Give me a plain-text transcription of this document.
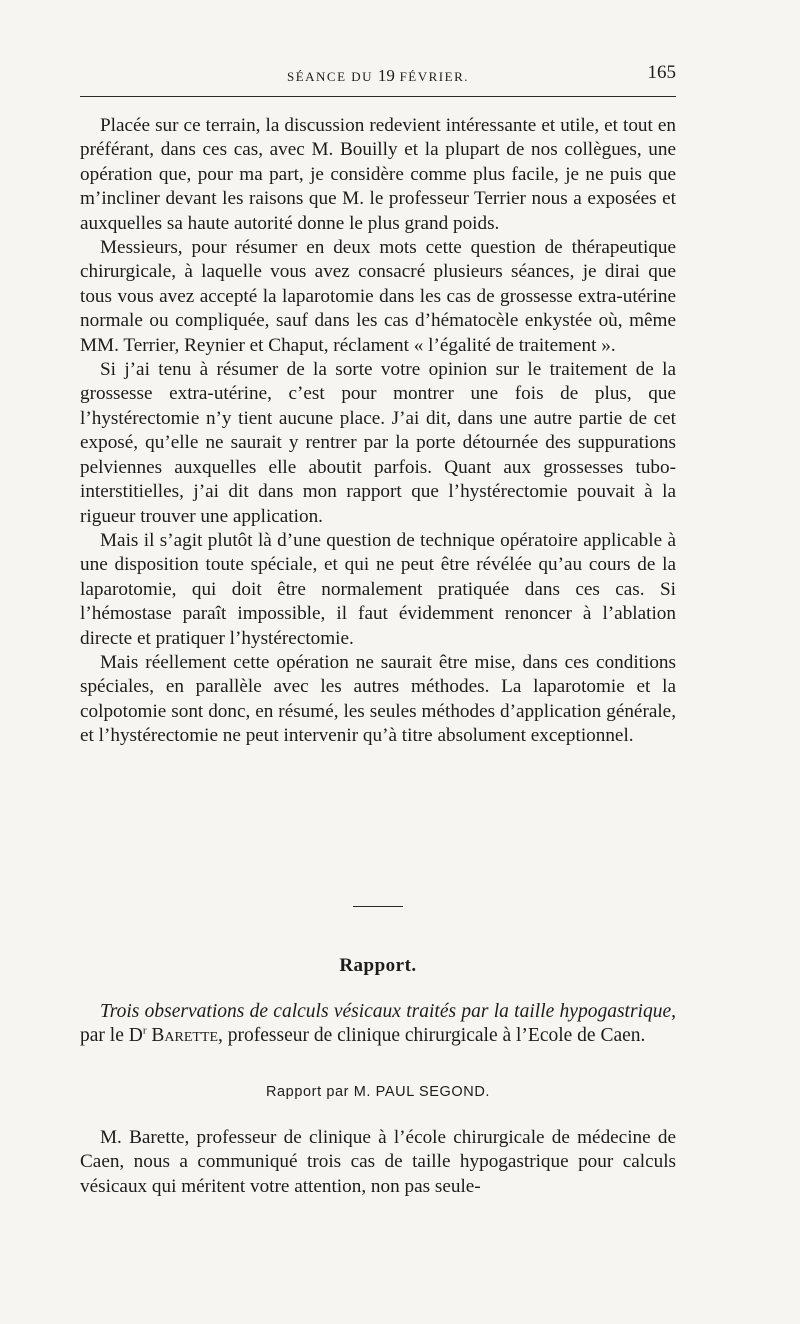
SÉANCE DU 19 FÉVRIER.	165

Placée sur ce terrain, la discussion redevient intéressante et utile, et tout en préférant, dans ces cas, avec M. Bouilly et la plupart de nos collègues, une opération que, pour ma part, je considère comme plus facile, je ne puis que m’incliner devant les raisons que M. le professeur Terrier nous a exposées et auxquelles sa haute autorité donne le plus grand poids.

Messieurs, pour résumer en deux mots cette question de thérapeutique chirurgicale, à laquelle vous avez consacré plusieurs séances, je dirai que tous vous avez accepté la laparotomie dans les cas de grossesse extra-utérine normale ou compliquée, sauf dans les cas d’hématocèle enkystée où, même MM. Terrier, Reynier et Chaput, réclament « l’égalité de traitement ».

Si j’ai tenu à résumer de la sorte votre opinion sur le traitement de la grossesse extra-utérine, c’est pour montrer une fois de plus, que l’hystérectomie n’y tient aucune place. J’ai dit, dans une autre partie de cet exposé, qu’elle ne saurait y rentrer par la porte détournée des suppurations pelviennes auxquelles elle aboutit parfois. Quant aux grossesses tubo-interstitielles, j’ai dit dans mon rapport que l’hystérectomie pouvait à la rigueur trouver une application.

Mais il s’agit plutôt là d’une question de technique opératoire applicable à une disposition toute spéciale, et qui ne peut être révélée qu’au cours de la laparotomie, qui doit être normalement pratiquée dans ces cas. Si l’hémostase paraît impossible, il faut évidemment renoncer à l’ablation directe et pratiquer l’hystérectomie.

Mais réellement cette opération ne saurait être mise, dans ces conditions spéciales, en parallèle avec les autres méthodes. La laparotomie et la colpotomie sont donc, en résumé, les seules méthodes d’application générale, et l’hystérectomie ne peut intervenir qu’à titre absolument exceptionnel.

Rapport.
Trois observations de calculs vésicaux traités par la taille hypogastrique, par le $D^r$ Barette, professeur de clinique chirurgicale à l’Ecole de Caen.
Rapport par M. PAUL SEGOND.
M. Barette, professeur de clinique à l’école chirurgicale de médecine de Caen, nous a communiqué trois cas de taille hypogastrique pour calculs vésicaux qui méritent votre attention, non pas seule-
